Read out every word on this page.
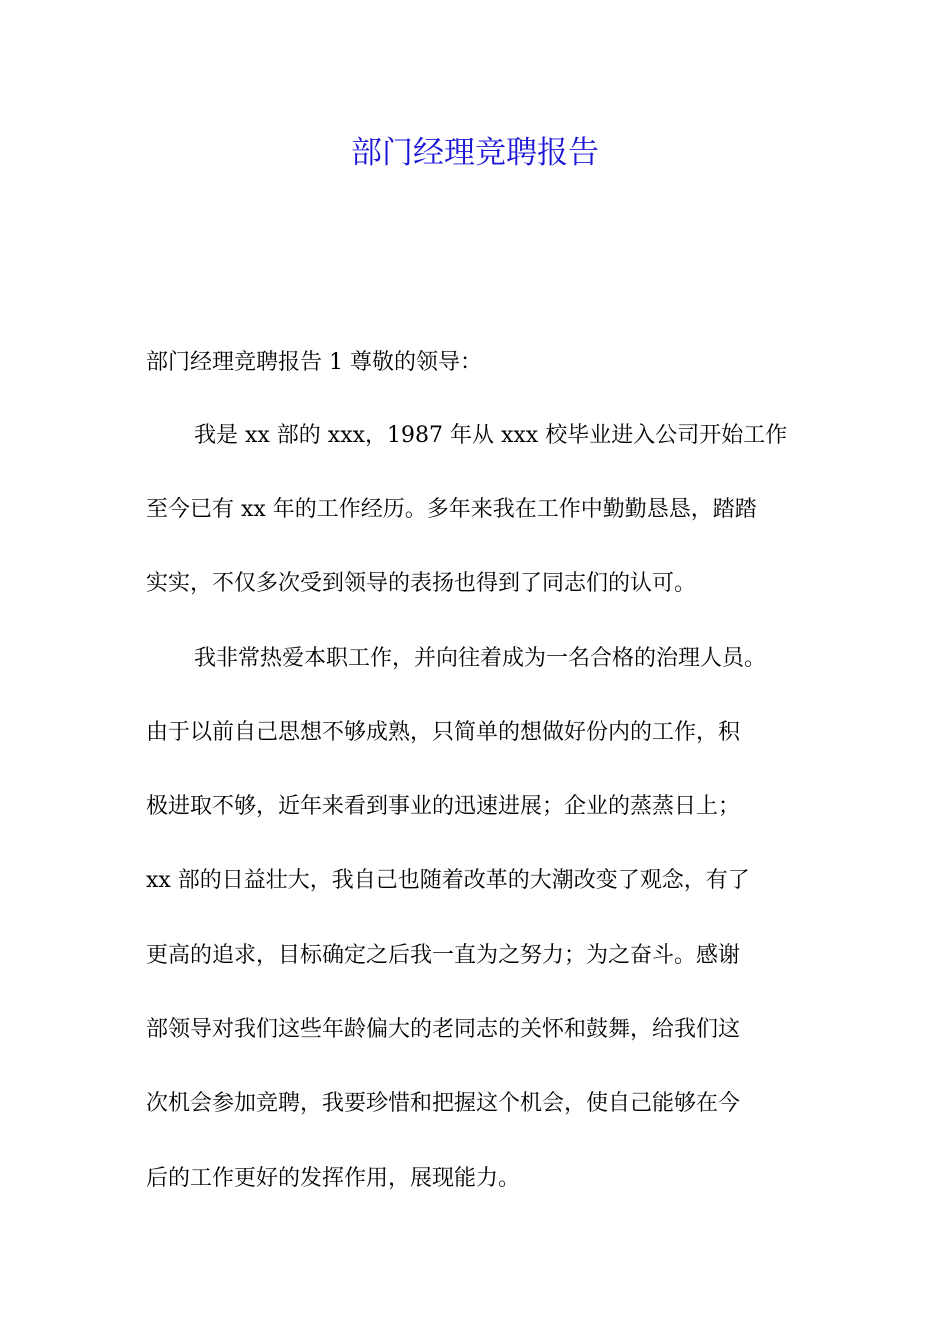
部门经理竞聘报告

部门经理竞聘报告 1 尊敬的领导：

我是 xx 部的 xxx，1987 年从 xxx 校毕业进入公司开始工作

至今已有 xx 年的工作经历。多年来我在工作中勤勤恳恳，踏踏

实实，不仅多次受到领导的表扬也得到了同志们的认可。

我非常热爱本职工作，并向往着成为一名合格的治理人员。

由于以前自己思想不够成熟，只简单的想做好份内的工作，积

极进取不够，近年来看到事业的迅速进展；企业的蒸蒸日上；

xx 部的日益壮大，我自己也随着改革的大潮改变了观念，有了

更高的追求，目标确定之后我一直为之努力；为之奋斗。感谢

部领导对我们这些年龄偏大的老同志的关怀和鼓舞，给我们这

次机会参加竞聘，我要珍惜和把握这个机会，使自己能够在今

后的工作更好的发挥作用，展现能力。
